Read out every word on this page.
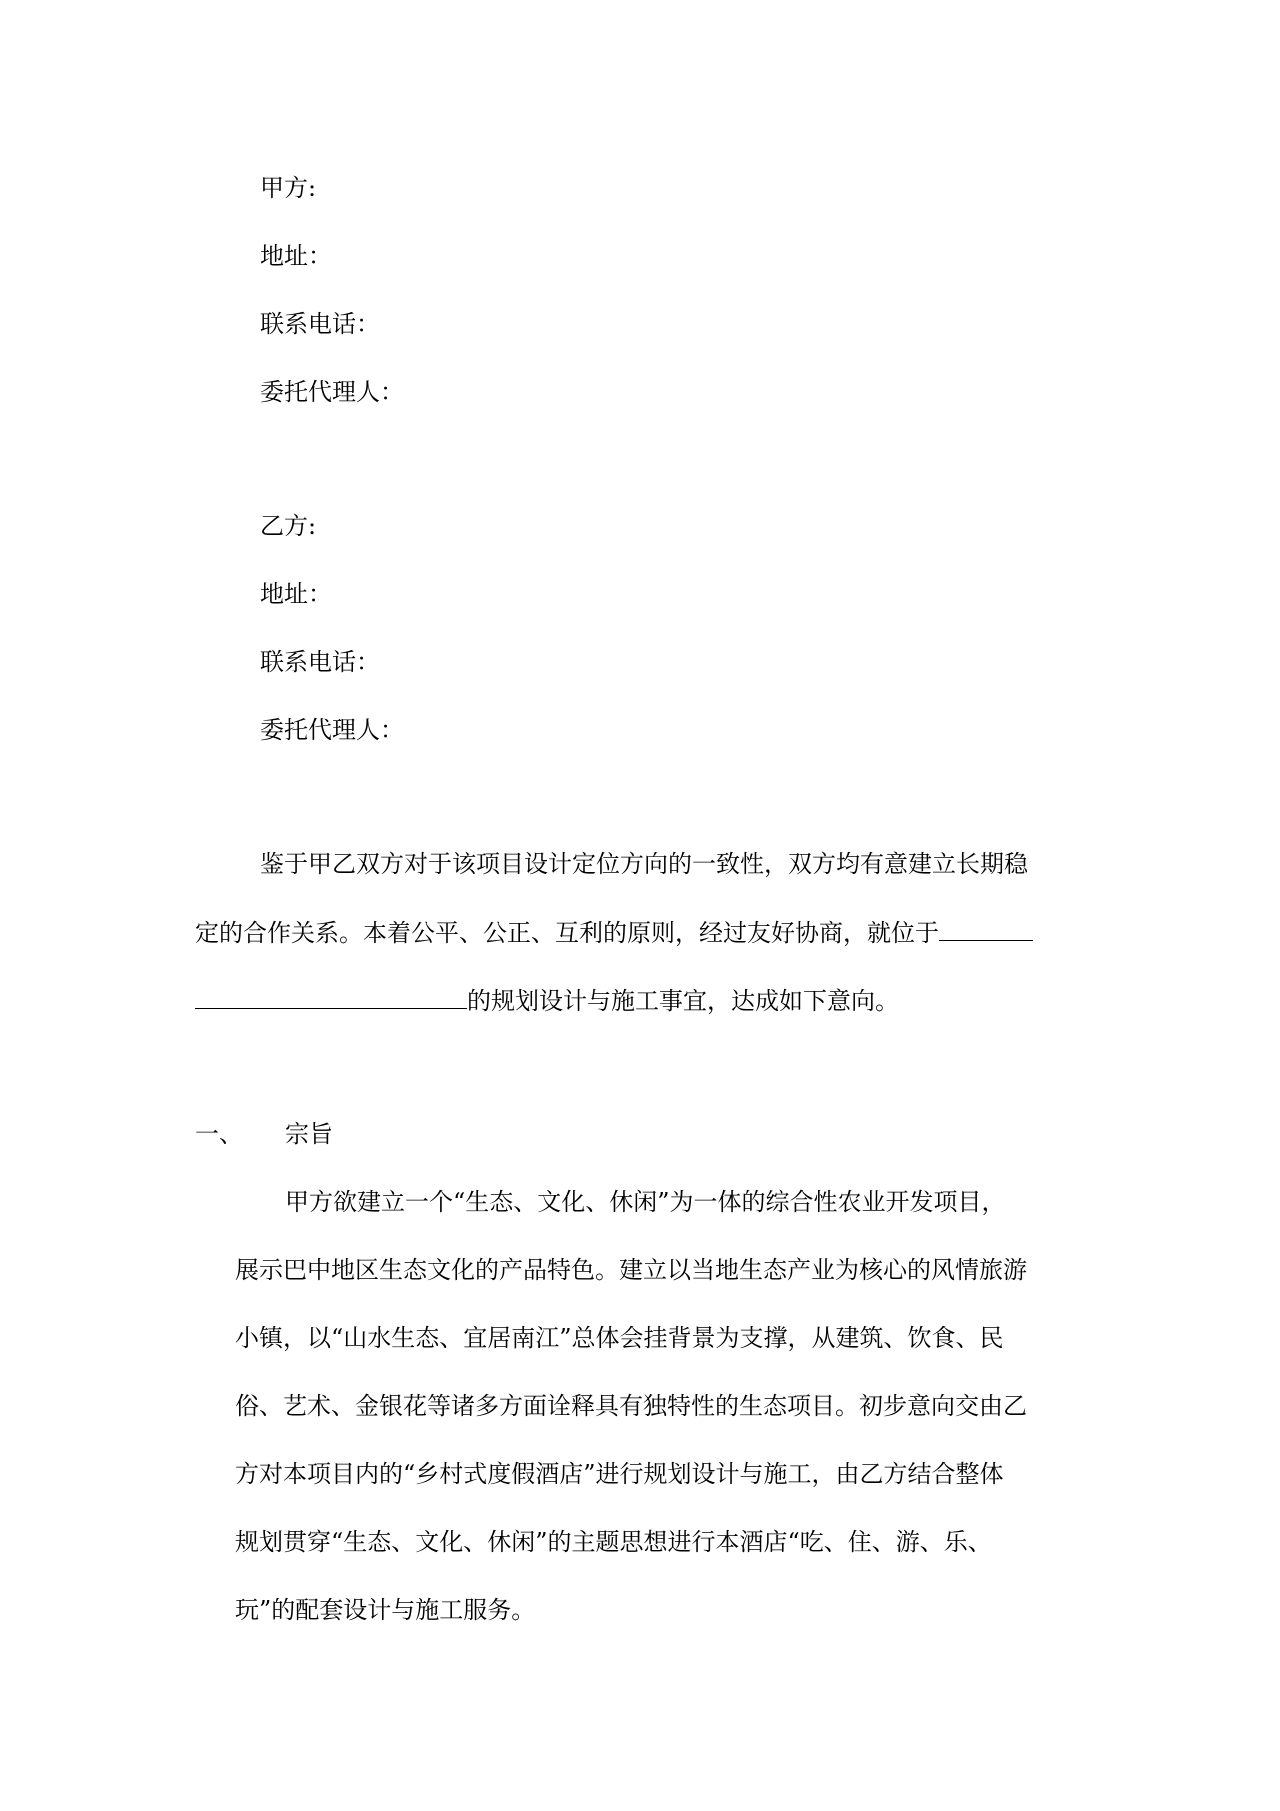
甲方:
地址：
联系电话：
委托代理人：
乙方:
地址：
联系电话：
委托代理人：
鉴于甲乙双方对于该项目设计定位方向的一致性，双方均有意建立长期稳
定的合作关系。本着公平、公正、互利的原则，经过友好协商，就位于
的规划设计与施工事宜，达成如下意向。
一、 宗旨
甲方欲建立一个“生态、文化、休闲”为一体的综合性农业开发项目，
展示巴中地区生态文化的产品特色。建立以当地生态产业为核心的风情旅游
小镇，以“山水生态、宜居南江”总体会挂背景为支撑，从建筑、饮食、民
俗、艺术、金银花等诸多方面诠释具有独特性的生态项目。初步意向交由乙
方对本项目内的“乡村式度假酒店”进行规划设计与施工，由乙方结合整体
规划贯穿“生态、文化、休闲”的主题思想进行本酒店“吃、住、游、乐、
玩”的配套设计与施工服务。
